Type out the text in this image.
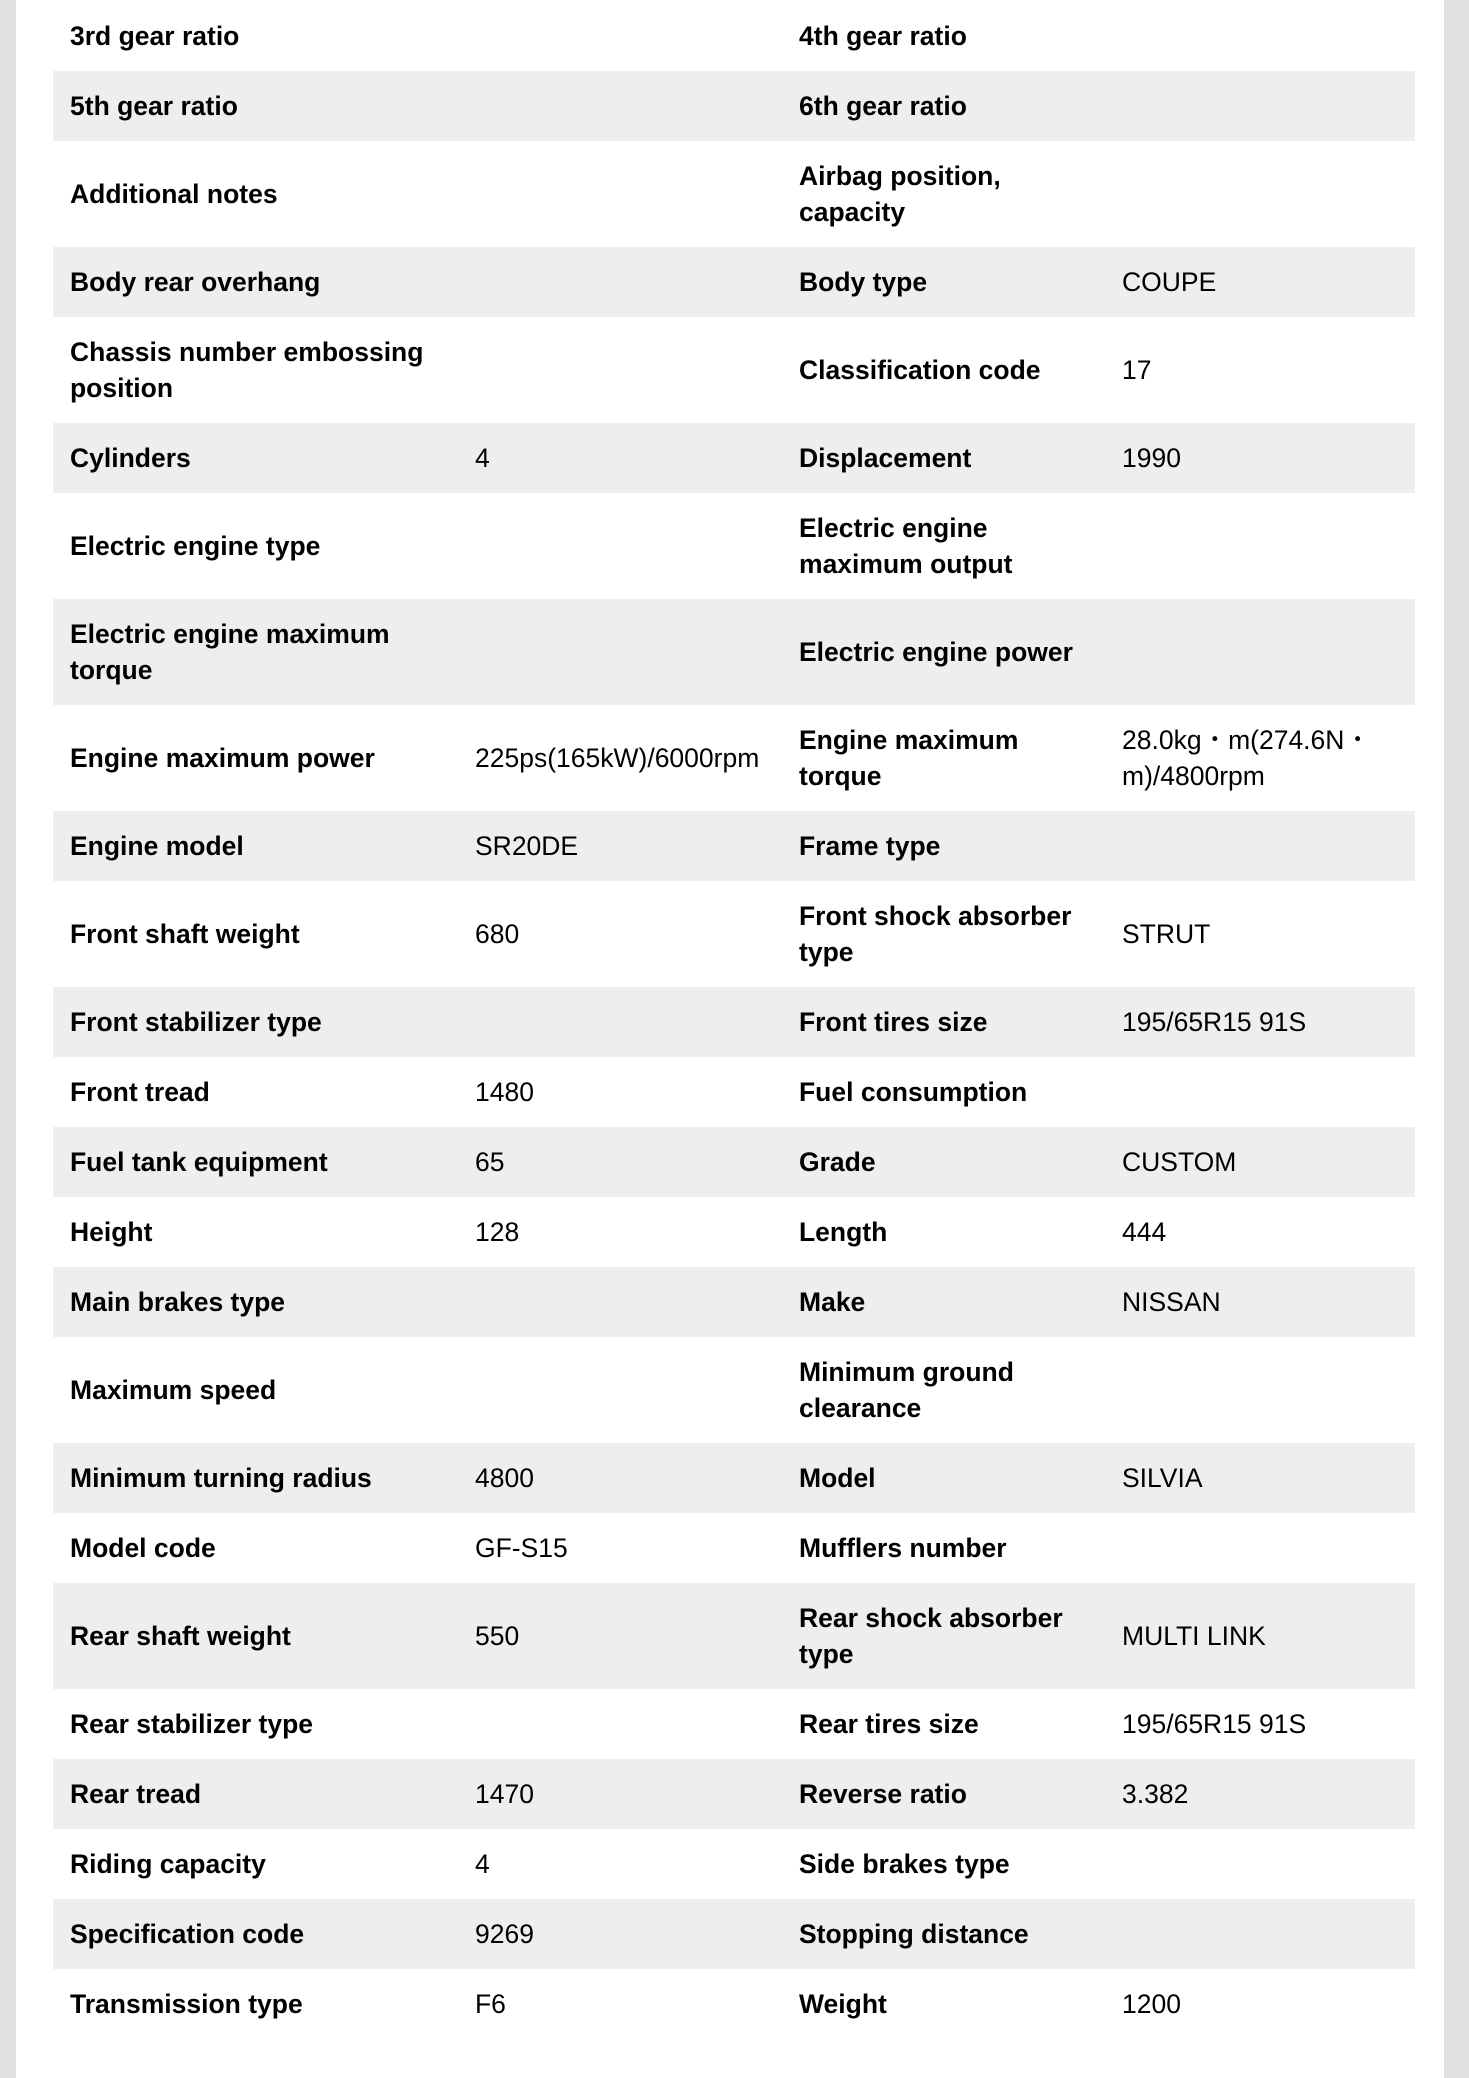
3rd gear ratio		4th gear ratio	
5th gear ratio		6th gear ratio	
Additional notes		Airbag position, capacity	
Body rear overhang		Body type	COUPE
Chassis number embossing position		Classification code	17
Cylinders	4	Displacement	1990
Electric engine type		Electric engine maximum output	
Electric engine maximum torque		Electric engine power	
Engine maximum power	225ps(165kW)/6000rpm	Engine maximum torque	28.0kg・m(274.6N・m)/4800rpm
Engine model	SR20DE	Frame type	
Front shaft weight	680	Front shock absorber type	STRUT
Front stabilizer type		Front tires size	195/65R15 91S
Front tread	1480	Fuel consumption	
Fuel tank equipment	65	Grade	CUSTOM
Height	128	Length	444
Main brakes type		Make	NISSAN
Maximum speed		Minimum ground clearance	
Minimum turning radius	4800	Model	SILVIA
Model code	GF-S15	Mufflers number	
Rear shaft weight	550	Rear shock absorber type	MULTI LINK
Rear stabilizer type		Rear tires size	195/65R15 91S
Rear tread	1470	Reverse ratio	3.382
Riding capacity	4	Side brakes type	
Specification code	9269	Stopping distance	
Transmission type	F6	Weight	1200
